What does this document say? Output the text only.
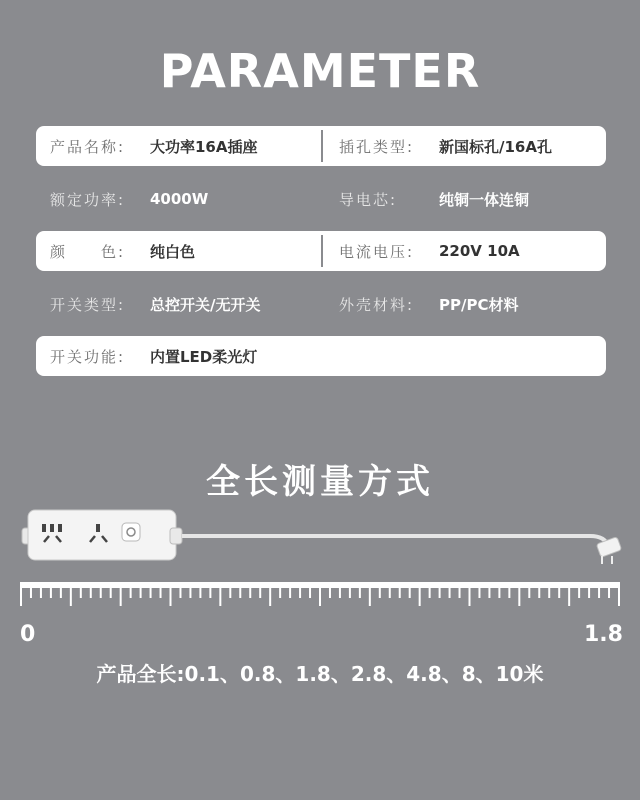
PARAMETER
产品名称:	大功率16A插座	插孔类型:	新国标孔/16A孔
额定功率:	4000W	导电芯:	纯铜一体连铜
颜　　色:	纯白色	电流电压:	220V 10A
开关类型:	总控开关/无开关	外壳材料:	PP/PC材料
开关功能:	内置LED柔光灯
全长测量方式
0	1.8
产品全长:0.1、0.8、1.8、2.8、4.8、8、10米
